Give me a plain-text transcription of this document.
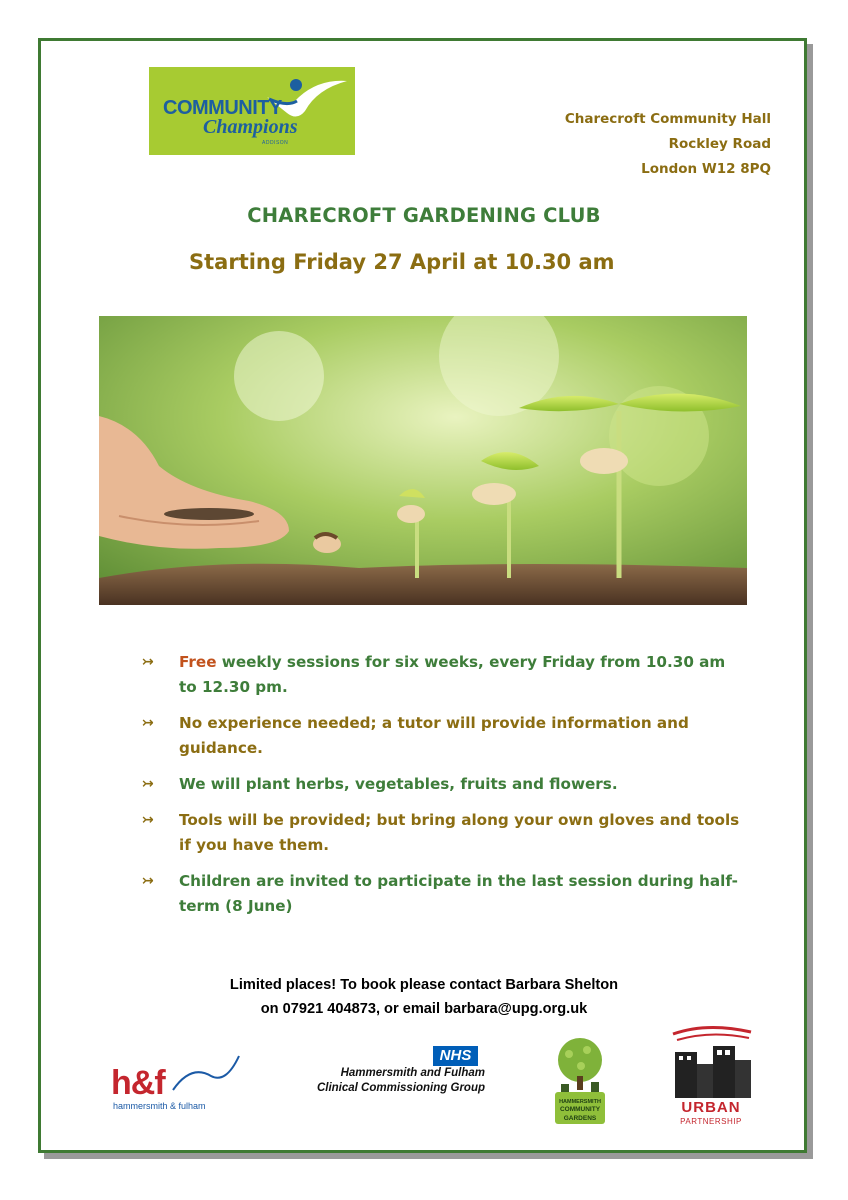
COMMUNITY
Champions
ADDISON
Charecroft Community Hall
Rockley Road
London W12 8PQ
CHARECROFT GARDENING CLUB
Starting Friday 27 April at 10.30 am
↣ Free weekly sessions for six weeks, every Friday from 10.30 am to 12.30 pm.
↣ No experience needed; a tutor will provide information and guidance.
↣ We will plant herbs, vegetables, fruits and flowers.
↣ Tools will be provided; but bring along your own gloves and tools if you have them.
↣ Children are invited to participate in the last session during half-term (8 June)
Limited places! To book please contact Barbara Shelton
on 07921 404873, or email barbara@upg.org.uk
h&f
hammersmith & fulham
NHS
Hammersmith and Fulham
Clinical Commissioning Group
HAMMERSMITH
COMMUNITY
GARDENS
URBAN
PARTNERSHIP
